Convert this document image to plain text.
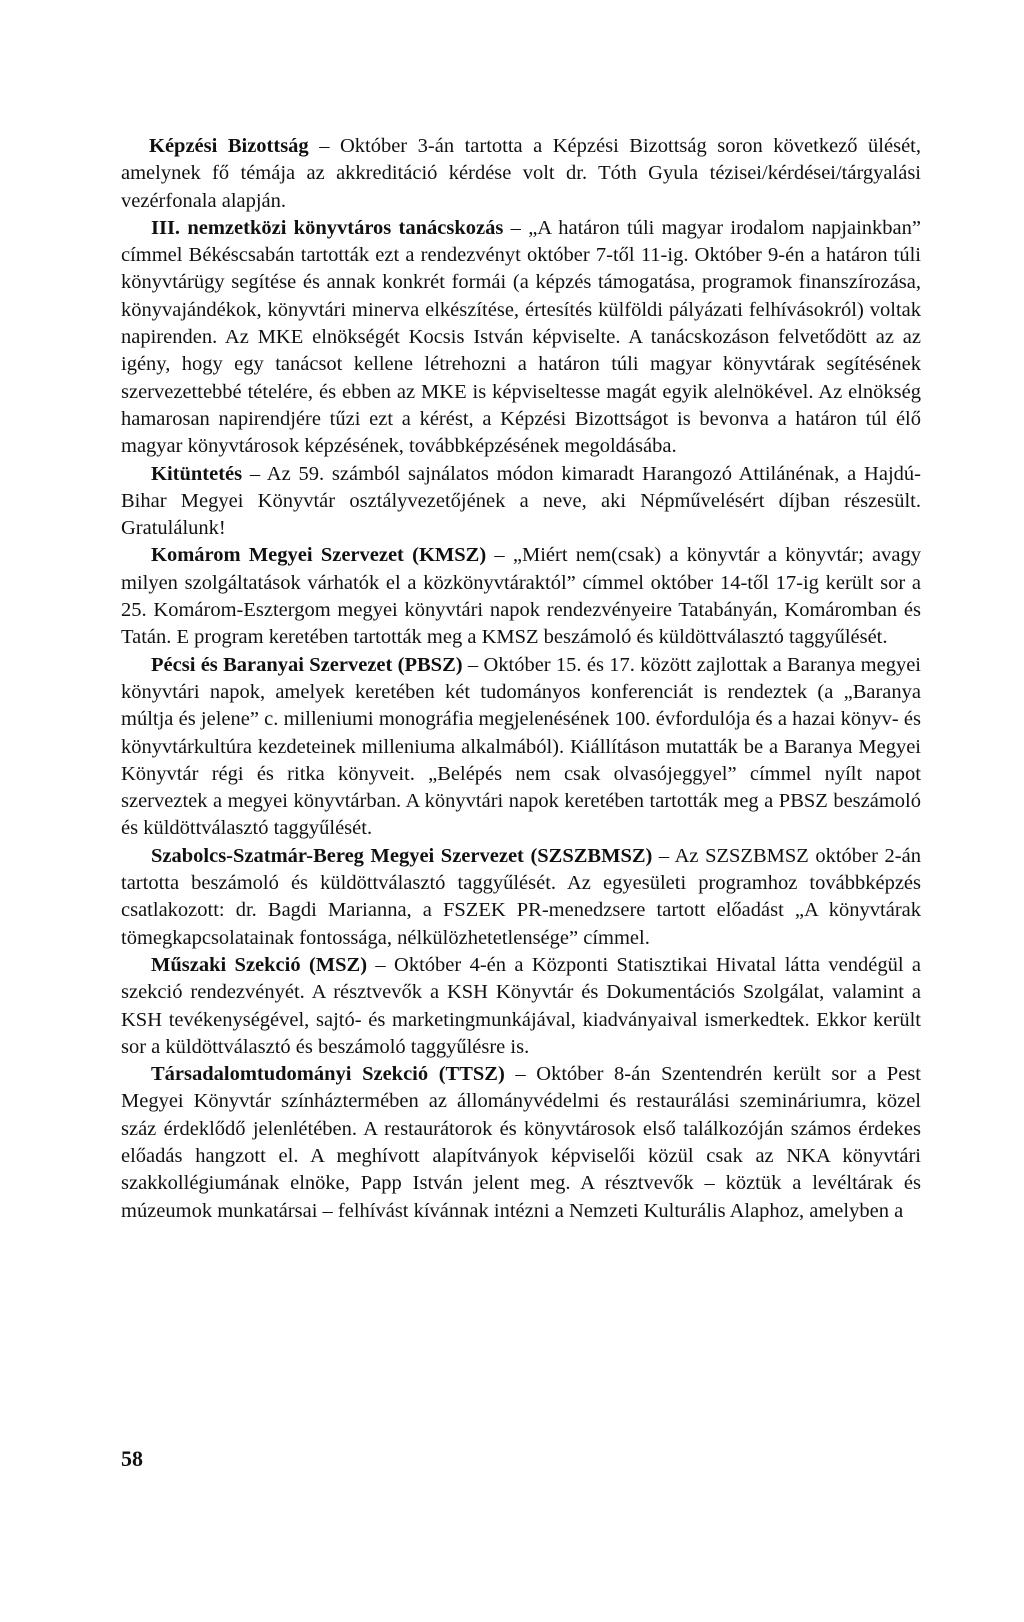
Képzési Bizottság – Október 3-án tartotta a Képzési Bizottság soron következő ülését, amelynek fő témája az akkreditáció kérdése volt dr. Tóth Gyula tézisei/kérdései/tárgyalási vezérfonala alapján.

III. nemzetközi könyvtáros tanácskozás – „A határon túli magyar irodalom napjainkban” címmel Békéscsabán tartották ezt a rendezvényt október 7-től 11-ig. Október 9-én a határon túli könyvtárügy segítése és annak konkrét formái (a képzés támogatása, programok finanszírozása, könyvajándékok, könyvtári minerva elkészítése, értesítés külföldi pályázati felhívásokról) voltak napirenden. Az MKE elnökségét Kocsis István képviselte. A tanácskozáson felvetődött az az igény, hogy egy tanácsot kellene létrehozni a határon túli magyar könyvtárak segítésének szervezettebbé tételére, és ebben az MKE is képviseltesse magát egyik alelnökével. Az elnökség hamarosan napirendjére tűzi ezt a kérést, a Képzési Bizottságot is bevonva a határon túl élő magyar könyvtárosok képzésének, továbbképzésének megoldásába.

Kitüntetés – Az 59. számból sajnálatos módon kimaradt Harangozó Attilánénak, a Hajdú-Bihar Megyei Könyvtár osztályvezetőjének a neve, aki Népművelésért díjban részesült. Gratulálunk!

Komárom Megyei Szervezet (KMSZ) – „Miért nem(csak) a könyvtár a könyvtár; avagy milyen szolgáltatások várhatók el a közkönyvtáraktól” címmel október 14-től 17-ig került sor a 25. Komárom-Esztergom megyei könyvtári napok rendezvényeire Tatabányán, Komáromban és Tatán. E program keretében tartották meg a KMSZ beszámoló és küldöttválasztó taggyűlését.

Pécsi és Baranyai Szervezet (PBSZ) – Október 15. és 17. között zajlottak a Baranya megyei könyvtári napok, amelyek keretében két tudományos konferenciát is rendeztek (a „Baranya múltja és jelene” c. milleniumi monográfia megjelenésének 100. évfordulója és a hazai könyv- és könyvtárkultúra kezdeteinek milleniuma alkalmából). Kiállításon mutatták be a Baranya Megyei Könyvtár régi és ritka könyveit. „Belépés nem csak olvasójeggyel” címmel nyílt napot szerveztek a megyei könyvtárban. A könyvtári napok keretében tartották meg a PBSZ beszámoló és küldöttválasztó taggyűlését.

Szabolcs-Szatmár-Bereg Megyei Szervezet (SZSZBMSZ) – Az SZSZBMSZ október 2-án tartotta beszámoló és küldöttválasztó taggyűlését. Az egyesületi programhoz továbbképzés csatlakozott: dr. Bagdi Marianna, a FSZEK PR-menedzsere tartott előadást „A könyvtárak tömegkapcsolatainak fontossága, nélkülözhetetlensége” címmel.

Műszaki Szekció (MSZ) – Október 4-én a Központi Statisztikai Hivatal látta vendégül a szekció rendezvényét. A résztvevők a KSH Könyvtár és Dokumentációs Szolgálat, valamint a KSH tevékenységével, sajtó- és marketingmunkájával, kiadványaival ismerkedtek. Ekkor került sor a küldöttválasztó és beszámoló taggyűlésre is.

Társadalomtudományi Szekció (TTSZ) – Október 8-án Szentendrén került sor a Pest Megyei Könyvtár színháztermében az állományvédelmi és restaurálási szemináriumra, közel száz érdeklődő jelenlétében. A restaurátorok és könyvtárosok első találkozóján számos érdekes előadás hangzott el. A meghívott alapítványok képviselői közül csak az NKA könyvtári szakkollégiumának elnöke, Papp István jelent meg. A résztvevők – köztük a levéltárak és múzeumok munkatársai – felhívást kívánnak intézni a Nemzeti Kulturális Alaphoz, amelyben a

58
